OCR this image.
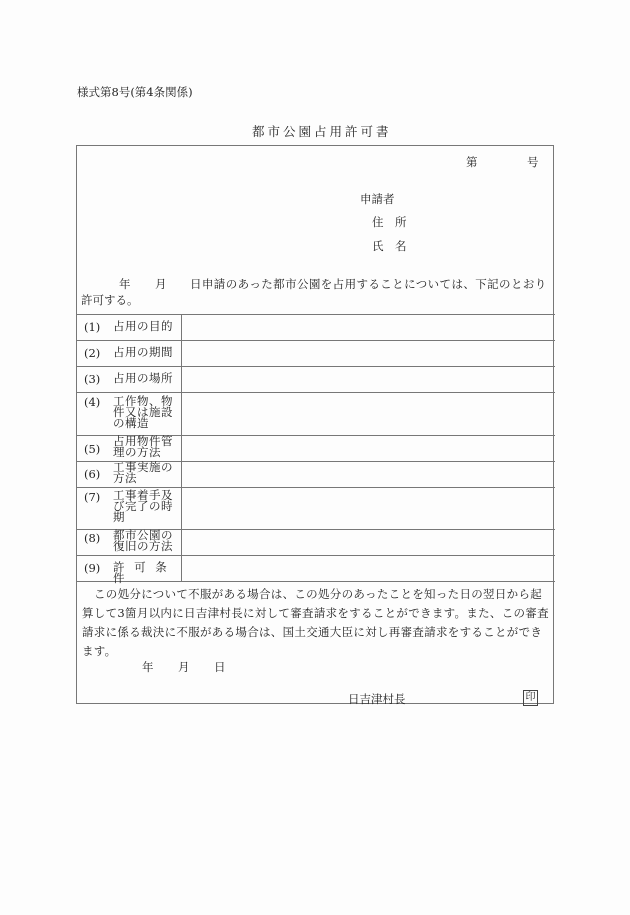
様式第8号(第4条関係)
都市公園占用許可書
第	号
申請者
住　所
氏　名
年 月 日申請のあった都市公園を占用することについては、下記のとおり
許可する。
(1) 占用の目的
(2) 占用の期間
(3) 占用の場所
(4) 工作物、物件又は施設の構造
(5)
占用物件管理の方法
(6) 工事実施の方法
(7) 工事着手及び完了の時期
(8) 都市公園の復旧の方法
(9) 許 可 条 件
この処分について不服がある場合は、この処分のあったことを知った日の翌日から起算して3箇月以内に日吉津村長に対して審査請求をすることができます。また、この審査請求に係る裁決に不服がある場合は、国土交通大臣に対し再審査請求をすることができます。
年 月 日
日吉津村長	印
